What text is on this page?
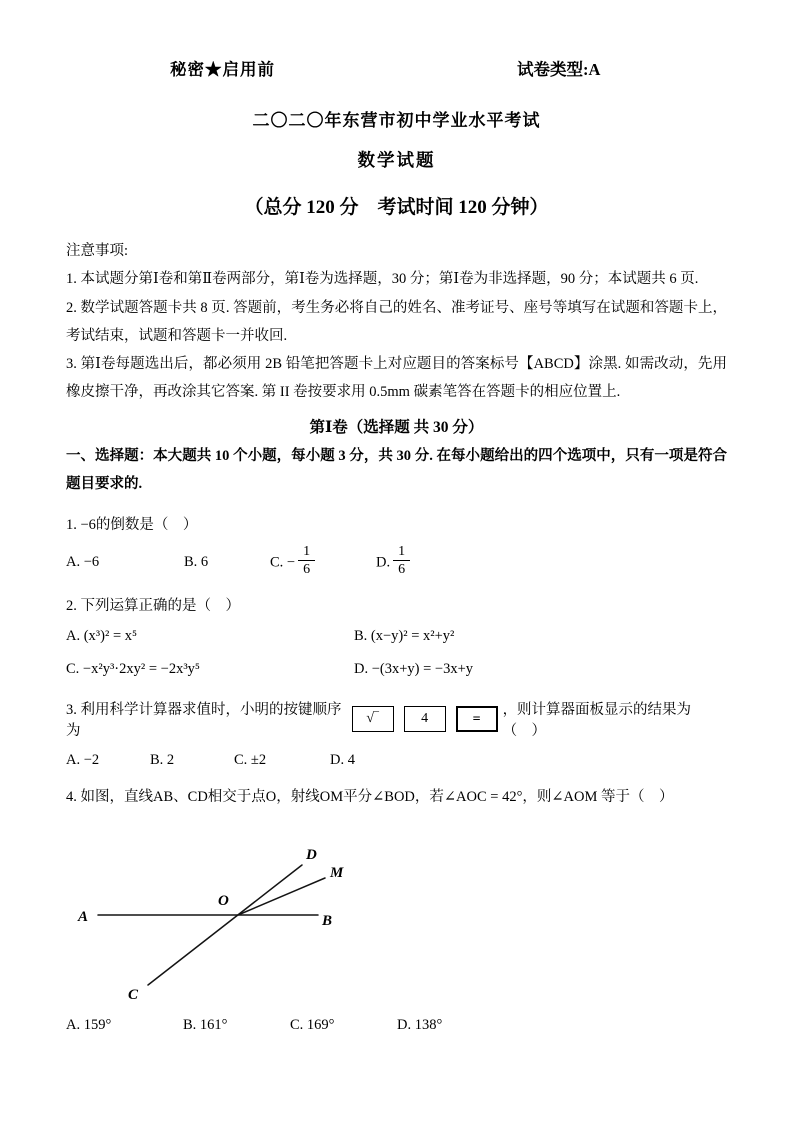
秘密★启用前	试卷类型:A
二〇二〇年东营市初中学业水平考试
数学试题
（总分 120 分　考试时间 120 分钟）

注意事项:

1. 本试题分第Ⅰ卷和第Ⅱ卷两部分，第Ⅰ卷为选择题，30 分；第Ⅰ卷为非选择题，90 分；本试题共 6 页.

2. 数学试题答题卡共 8 页. 答题前，考生务必将自己的姓名、准考证号、座号等填写在试题和答题卡上，考试结束，试题和答题卡一并收回.

3. 第Ⅰ卷每题选出后，都必须用 2B 铅笔把答题卡上对应题目的答案标号【ABCD】涂黑. 如需改动，先用橡皮擦干净，再改涂其它答案. 第 II 卷按要求用 0.5mm 碳素笔答在答题卡的相应位置上.

第Ⅰ卷（选择题 共 30 分）

一、选择题：本大题共 10 个小题，每小题 3 分，共 30 分. 在每小题给出的四个选项中，只有一项是符合题目要求的.

1. −6的倒数是（　）

A. −6	B. 6	C. − $\frac{1}{6}$	D. $\frac{1}{6}$

2. 下列运算正确的是（　）

A. (x³)² = x⁵	B. (x−y)² = x²+y²
C. −x²y³·2xy² = −2x³y⁵	D. −(3x+y) = −3x+y
3. 利用科学计算器求值时，小明的按键顺序为
√‾	4	=
，则计算器面板显示的结果为（　）
A. −2	B. 2	C. ±2	D. 4

4. 如图，直线AB、CD相交于点O，射线OM平分∠BOD，若∠AOC = 42°，则∠AOM 等于（　）

A	B
C
D
M
O
A. 159°	B. 161°	C. 169°	D. 138°
